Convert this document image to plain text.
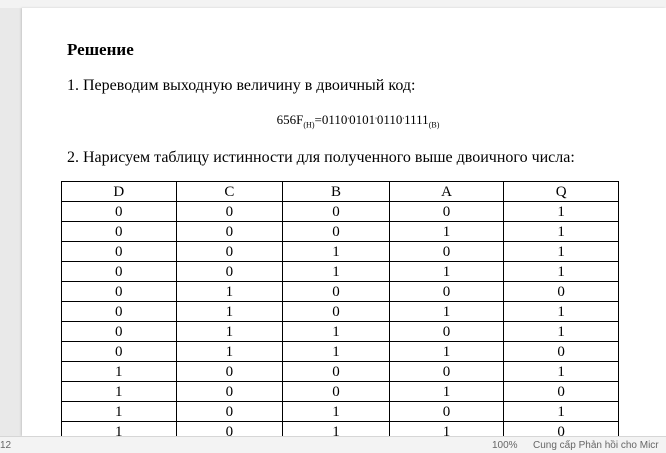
Решение
1. Переводим выходную величину в двоичный код:
$656F_{(H)}=0110^,0101^,0110^,1111_{(B)}$
2. Нарисуем таблицу истинности для полученного выше двоичного числа:
D	C	B	A	Q
0	0	0	0	1
0	0	0	1	1
0	0	1	0	1
0	0	1	1	1
0	1	0	0	0
0	1	0	1	1
0	1	1	0	1
0	1	1	1	0
1	0	0	0	1
1	0	0	1	0
1	0	1	0	1
1	0	1	1	0
12	100% Cung cấp Phản hồi cho Micr
